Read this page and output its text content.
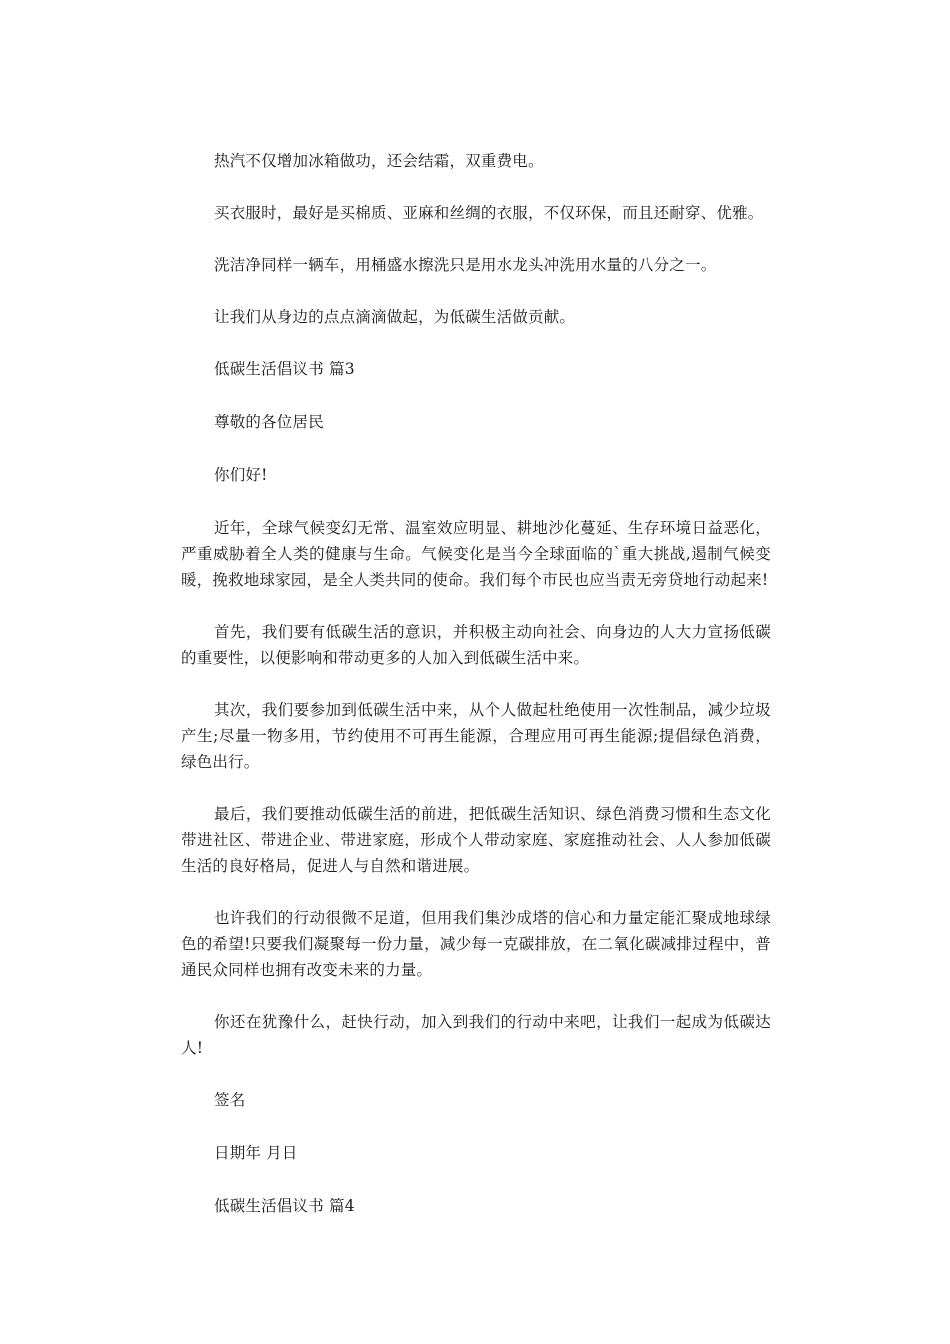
热汽不仅增加冰箱做功，还会结霜，双重费电。

买衣服时，最好是买棉质、亚麻和丝绸的衣服，不仅环保，而且还耐穿、优雅。

洗洁净同样一辆车，用桶盛水擦洗只是用水龙头冲洗用水量的八分之一。

让我们从身边的点点滴滴做起，为低碳生活做贡献。

低碳生活倡议书 篇3

尊敬的各位居民

你们好!

近年，全球气候变幻无常、温室效应明显、耕地沙化蔓延、生存环境日益恶化，严重威胁着全人类的健康与生命。气候变化是当今全球面临的`重大挑战,遏制气候变暖，挽救地球家园，是全人类共同的使命。我们每个市民也应当责无旁贷地行动起来!

首先，我们要有低碳生活的意识，并积极主动向社会、向身边的人大力宣扬低碳的重要性，以便影响和带动更多的人加入到低碳生活中来。

其次，我们要参加到低碳生活中来，从个人做起杜绝使用一次性制品，减少垃圾产生;尽量一物多用，节约使用不可再生能源，合理应用可再生能源;提倡绿色消费，绿色出行。

最后，我们要推动低碳生活的前进，把低碳生活知识、绿色消费习惯和生态文化带进社区、带进企业、带进家庭，形成个人带动家庭、家庭推动社会、人人参加低碳生活的良好格局，促进人与自然和谐进展。

也许我们的行动很微不足道，但用我们集沙成塔的信心和力量定能汇聚成地球绿色的希望!只要我们凝聚每一份力量，减少每一克碳排放，在二氧化碳减排过程中，普通民众同样也拥有改变未来的力量。

你还在犹豫什么，赶快行动，加入到我们的行动中来吧，让我们一起成为低碳达人!

签名

日期年 月日

低碳生活倡议书 篇4
